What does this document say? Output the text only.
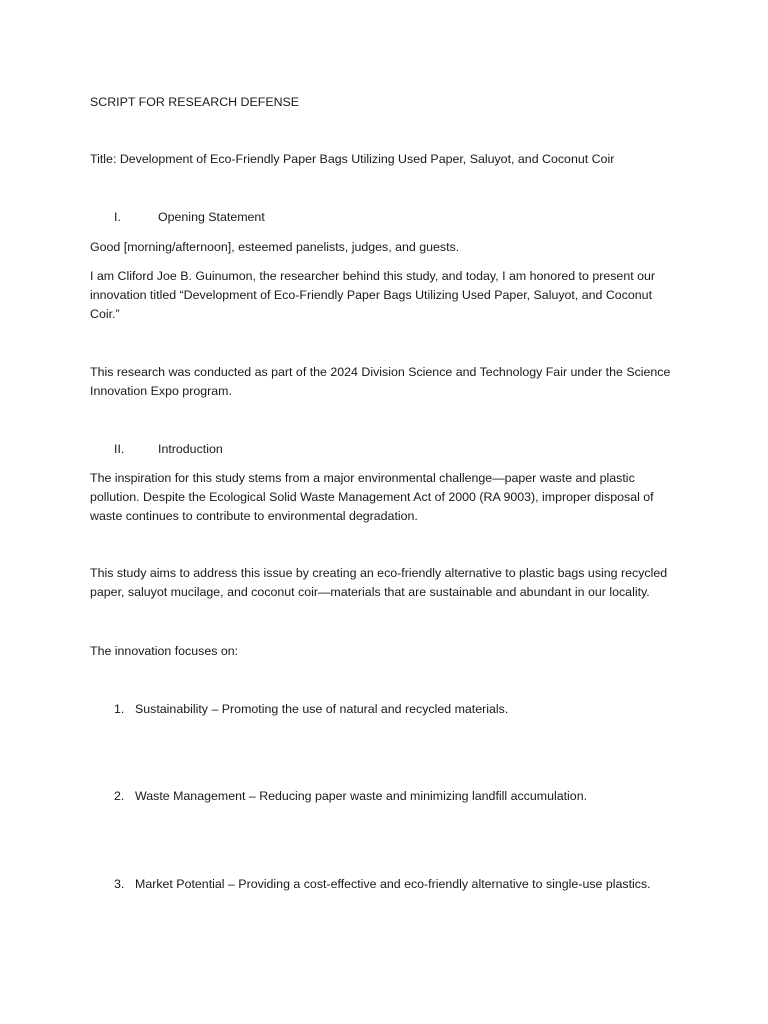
SCRIPT FOR RESEARCH DEFENSE

Title: Development of Eco-Friendly Paper Bags Utilizing Used Paper, Saluyot, and Coconut Coir

I.	Opening Statement

Good [morning/afternoon], esteemed panelists, judges, and guests.

I am Cliford Joe B. Guinumon, the researcher behind this study, and today, I am honored to present our innovation titled “Development of Eco-Friendly Paper Bags Utilizing Used Paper, Saluyot, and Coconut Coir.”

This research was conducted as part of the 2024 Division Science and Technology Fair under the Science Innovation Expo program.

II.	Introduction

The inspiration for this study stems from a major environmental challenge—paper waste and plastic pollution. Despite the Ecological Solid Waste Management Act of 2000 (RA 9003), improper disposal of waste continues to contribute to environmental degradation.

This study aims to address this issue by creating an eco-friendly alternative to plastic bags using recycled paper, saluyot mucilage, and coconut coir—materials that are sustainable and abundant in our locality.

The innovation focuses on:

1. Sustainability – Promoting the use of natural and recycled materials.

2. Waste Management – Reducing paper waste and minimizing landfill accumulation.

3. Market Potential – Providing a cost-effective and eco-friendly alternative to single-use plastics.
